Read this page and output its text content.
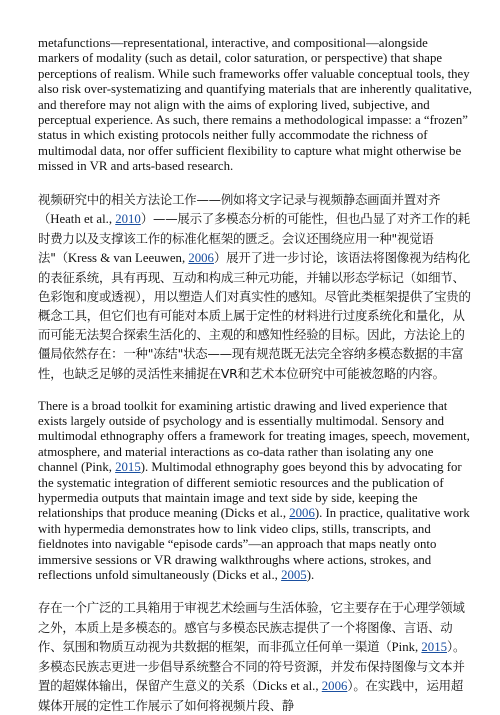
metafunctions—representational, interactive, and compositional—alongside markers of modality (such as detail, color saturation, or perspective) that shape perceptions of realism. While such frameworks offer valuable conceptual tools, they also risk over-systematizing and quantifying materials that are inherently qualitative, and therefore may not align with the aims of exploring lived, subjective, and perceptual experience. As such, there remains a methodological impasse: a “frozen” status in which existing protocols neither fully accommodate the richness of multimodal data, nor offer sufficient flexibility to capture what might otherwise be missed in VR and arts-based research.

视频研究中的相关方法论工作——例如将文字记录与视频静态画面并置对齐（Heath et al., 2010）——展示了多模态分析的可能性，但也凸显了对齐工作的耗时费力以及支撑该工作的标准化框架的匮乏。会议还围绕应用一种"视觉语法"（Kress & van Leeuwen, 2006）展开了进一步讨论，该语法将图像视为结构化的表征系统，具有再现、互动和构成三种元功能，并辅以形态学标记（如细节、色彩饱和度或透视），用以塑造人们对真实性的感知。尽管此类框架提供了宝贵的概念工具，但它们也有可能对本质上属于定性的材料进行过度系统化和量化，从而可能无法契合探索生活化的、主观的和感知性经验的目标。因此，方法论上的僵局依然存在：一种"冻结"状态——现有规范既无法完全容纳多模态数据的丰富性，也缺乏足够的灵活性来捕捉在VR和艺术本位研究中可能被忽略的内容。

There is a broad toolkit for examining artistic drawing and lived experience that exists largely outside of psychology and is essentially multimodal. Sensory and multimodal ethnography offers a framework for treating images, speech, movement, atmosphere, and material interactions as co-data rather than isolating any one channel (Pink, 2015). Multimodal ethnography goes beyond this by advocating for the systematic integration of different semiotic resources and the publication of hypermedia outputs that maintain image and text side by side, keeping the relationships that produce meaning (Dicks et al., 2006). In practice, qualitative work with hypermedia demonstrates how to link video clips, stills, transcripts, and fieldnotes into navigable “episode cards”—an approach that maps neatly onto immersive sessions or VR drawing walkthroughs where actions, strokes, and reflections unfold simultaneously (Dicks et al., 2005).

存在一个广泛的工具箱用于审视艺术绘画与生活体验，它主要存在于心理学领域之外，本质上是多模态的。感官与多模态民族志提供了一个将图像、言语、动作、氛围和物质互动视为共数据的框架，而非孤立任何单一渠道（Pink, 2015）。多模态民族志更进一步倡导系统整合不同的符号资源，并发布保持图像与文本并置的超媒体输出，保留产生意义的关系（Dicks et al., 2006）。在实践中，运用超媒体开展的定性工作展示了如何将视频片段、静
